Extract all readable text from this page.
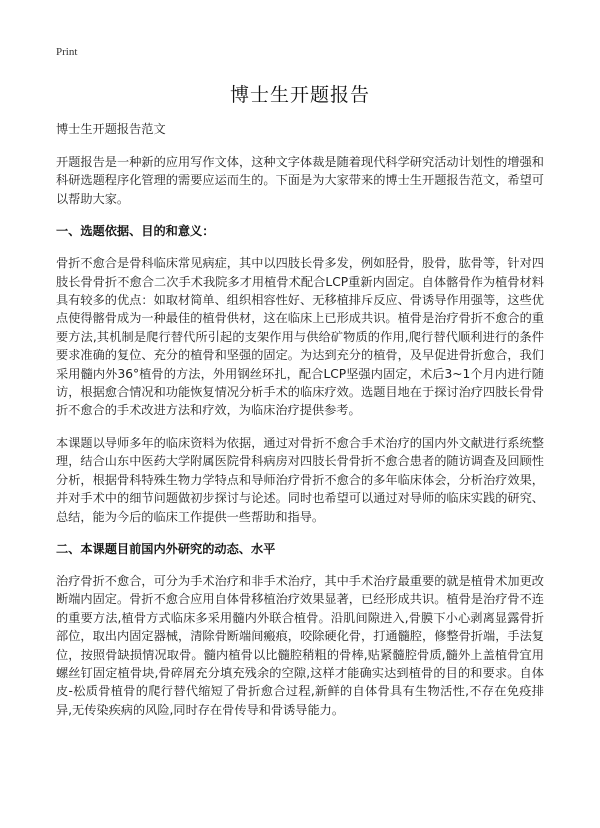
Print
博士生开题报告

博士生开题报告范文

开题报告是一种新的应用写作文体，这种文字体裁是随着现代科学研究活动计划性的增强和科研选题程序化管理的需要应运而生的。下面是为大家带来的博士生开题报告范文，希望可以帮助大家。

一、选题依据、目的和意义：

骨折不愈合是骨科临床常见病症，其中以四肢长骨多发，例如胫骨，股骨，肱骨等，针对四肢长骨骨折不愈合二次手术我院多才用植骨术配合LCP重新内固定。自体髂骨作为植骨材料具有较多的优点：如取材简单、组织相容性好、无移植排斥反应、骨诱导作用强等，这些优点使得髂骨成为一种最佳的植骨供材，这在临床上已形成共识。植骨是治疗骨折不愈合的重要方法,其机制是爬行替代所引起的支架作用与供给矿物质的作用,爬行替代顺利进行的条件要求准确的复位、充分的植骨和坚强的固定。为达到充分的植骨，及早促进骨折愈合，我们采用髓内外36°植骨的方法，外用钢丝环扎，配合LCP坚强内固定，术后3~1个月内进行随访，根据愈合情况和功能恢复情况分析手术的临床疗效。选题目地在于探讨治疗四肢长骨骨折不愈合的手术改进方法和疗效，为临床治疗提供参考。

本课题以导师多年的临床资料为依据，通过对骨折不愈合手术治疗的国内外文献进行系统整理，结合山东中医药大学附属医院骨科病房对四肢长骨骨折不愈合患者的随访调查及回顾性分析，根据骨科特殊生物力学特点和导师治疗骨折不愈合的多年临床体会，分析治疗效果，并对手术中的细节问题做初步探讨与论述。同时也希望可以通过对导师的临床实践的研究、总结，能为今后的临床工作提供一些帮助和指导。

二、本课题目前国内外研究的动态、水平

治疗骨折不愈合，可分为手术治疗和非手术治疗，其中手术治疗最重要的就是植骨术加更改断端内固定。骨折不愈合应用自体骨移植治疗效果显著，已经形成共识。植骨是治疗骨不连的重要方法,植骨方式临床多采用髓内外联合植骨。沿肌间隙进入,骨膜下小心剥离显露骨折部位，取出内固定器械，清除骨断端间瘢痕，咬除硬化骨，打通髓腔，修整骨折端，手法复位，按照骨缺损情况取骨。髓内植骨以比髓腔稍粗的骨棒,贴紧髓腔骨质,髓外上盖植骨宜用螺丝钉固定植骨块,骨碎屑充分填充残余的空隙,这样才能确实达到植骨的目的和要求。自体皮-松质骨植骨的爬行替代缩短了骨折愈合过程,新鲜的自体骨具有生物活性,不存在免疫排异,无传染疾病的风险,同时存在骨传导和骨诱导能力。
